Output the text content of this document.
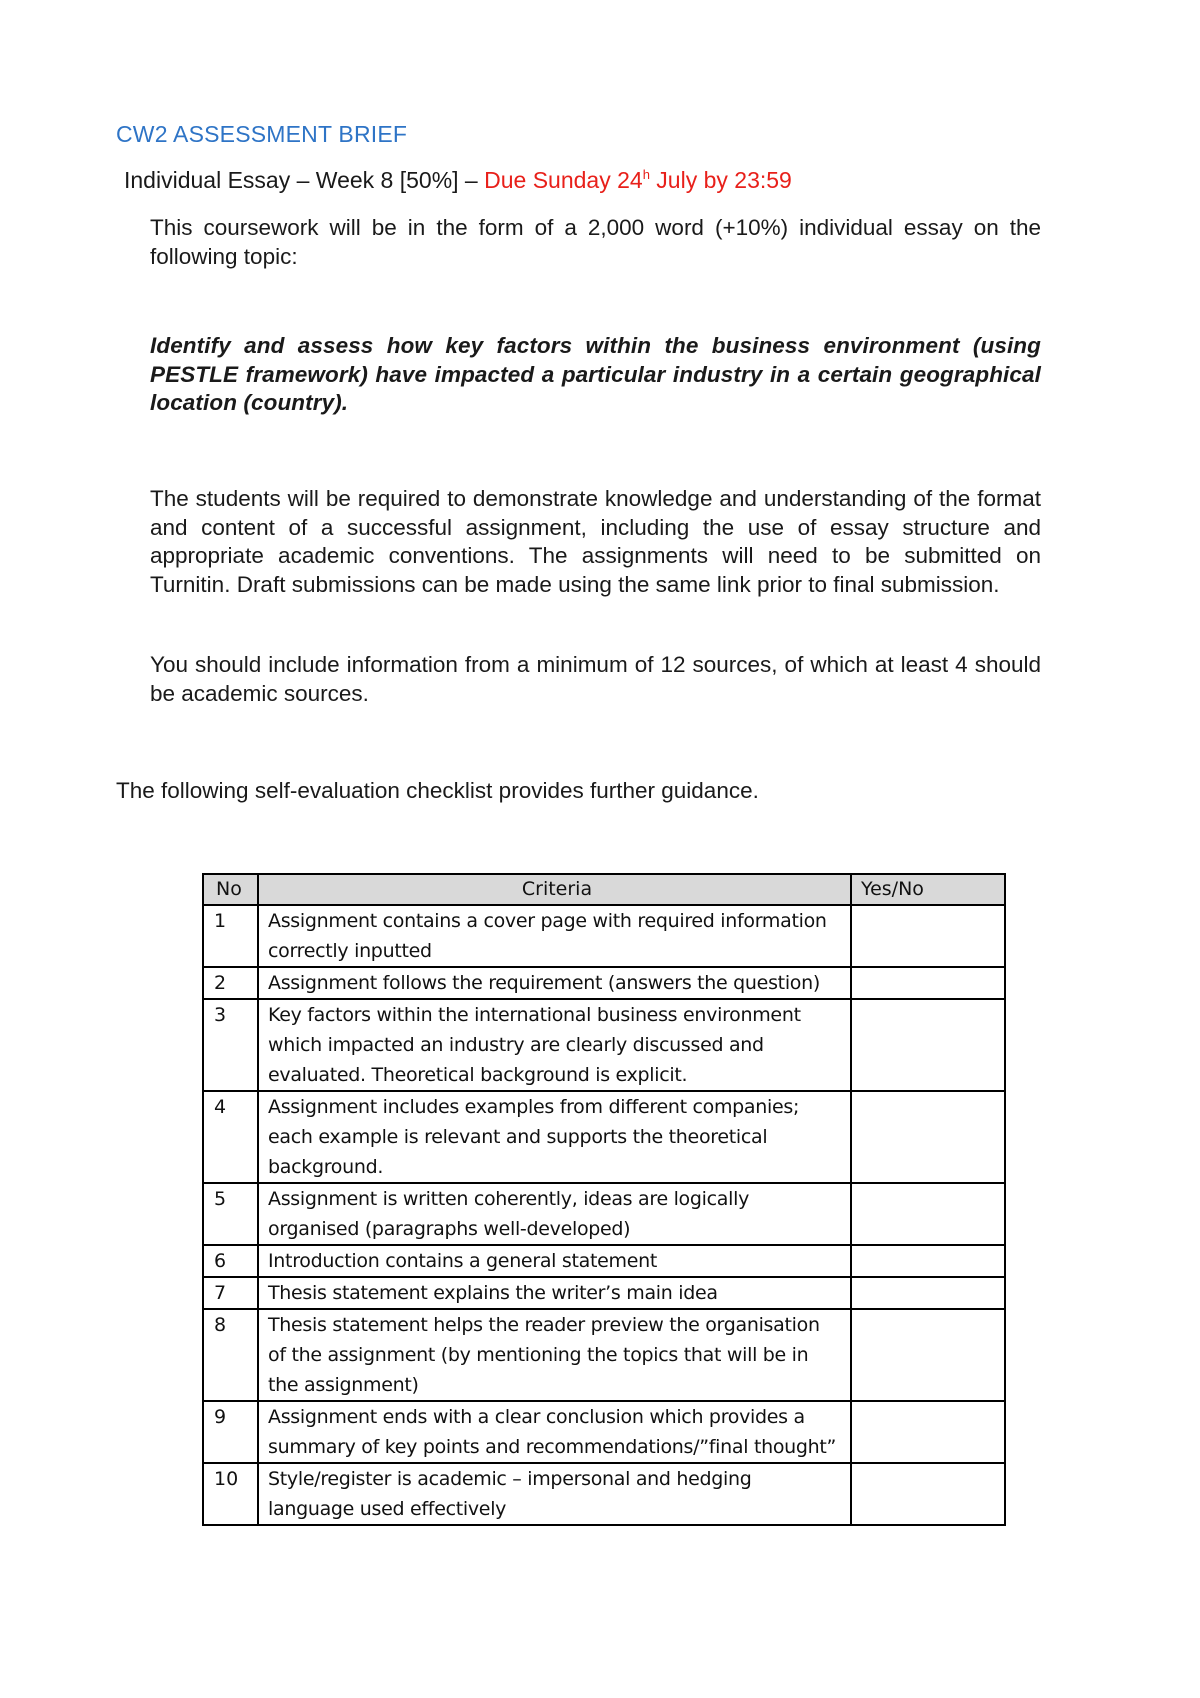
CW2 ASSESSMENT BRIEF
Individual Essay – Week 8 [50%] – Due Sunday 24$^h$ July by 23:59

This coursework will be in the form of a 2,000 word (+10%) individual essay on the following topic:

Identify and assess how key factors within the business environment (using PESTLE framework) have impacted a particular industry in a certain geographical location (country).

The students will be required to demonstrate knowledge and understanding of the format and content of a successful assignment, including the use of essay structure and appropriate academic conventions. The assignments will need to be submitted on Turnitin. Draft submissions can be made using the same link prior to final submission.

You should include information from a minimum of 12 sources, of which at least 4 should be academic sources.

The following self-evaluation checklist provides further guidance.

No	Criteria	Yes/No
1	Assignment contains a cover page with required information correctly inputted	
2	Assignment follows the requirement (answers the question)	
3	Key factors within the international business environment which impacted an industry are clearly discussed and evaluated. Theoretical background is explicit.	
4	Assignment includes examples from different companies; each example is relevant and supports the theoretical background.	
5	Assignment is written coherently, ideas are logically organised (paragraphs well-developed)	
6	Introduction contains a general statement	
7	Thesis statement explains the writer’s main idea	
8	Thesis statement helps the reader preview the organisation of the assignment (by mentioning the topics that will be in the assignment)	
9	Assignment ends with a clear conclusion which provides a summary of key points and recommendations/”final thought”	
10	Style/register is academic – impersonal and hedging language used effectively	
